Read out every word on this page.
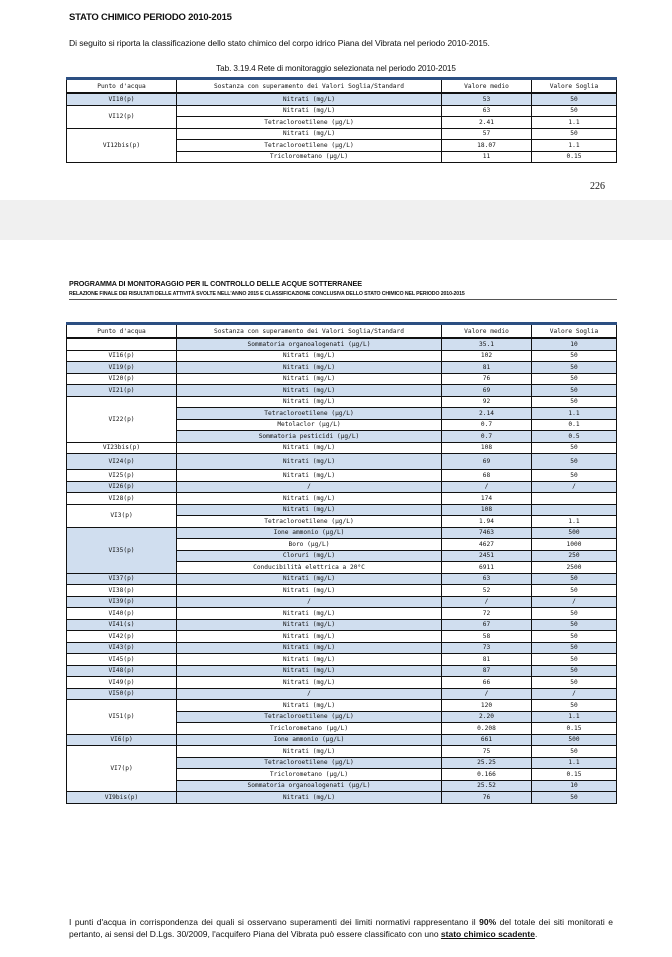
STATO CHIMICO PERIODO 2010-2015
Di seguito si riporta la classificazione dello stato chimico del corpo idrico Piana del Vibrata nel periodo 2010-2015.
Tab. 3.19.4 Rete di monitoraggio selezionata nel periodo 2010-2015
Punto d'acqua	Sostanza con superamento dei Valori Soglia/Standard	Valore medio	Valore Soglia
VI10(p)	Nitrati (mg/L)	53	50
VI12(p)	Nitrati (mg/L)	63	50
	Tetracloroetilene (µg/L)	2.41	1.1
VI12bis(p)	Nitrati (mg/L)	57	50
	Tetracloroetilene (µg/L)	18.07	1.1
	Triclorometano (µg/L)	11	0.15
226
PROGRAMMA DI MONITORAGGIO PER IL CONTROLLO DELLE ACQUE SOTTERRANEE
RELAZIONE FINALE DEI RISULTATI DELLE ATTIVITÀ SVOLTE NELL'ANNO 2015 E CLASSIFICAZIONE CONCLUSIVA DELLO STATO CHIMICO NEL PERIODO 2010-2015
Punto d'acqua	Sostanza con superamento dei Valori Soglia/Standard	Valore medio	Valore Soglia
	Sommatoria organoalogenati (µg/L)	35.1	10
VI16(p)	Nitrati (mg/L)	102	50
VI19(p)	Nitrati (mg/L)	81	50
VI20(p)	Nitrati (mg/L)	76	50
VI21(p)	Nitrati (mg/L)	69	50
VI22(p)	Nitrati (mg/L)	92	50
	Tetracloroetilene (µg/L)	2.14	1.1
	Metolaclor (µg/L)	0.7	0.1
	Sommatoria pesticidi (µg/L)	0.7	0.5
VI23bis(p)	Nitrati (mg/L)	108	50
VI24(p)	Nitrati (mg/L)	69	50
VI25(p)	Nitrati (mg/L)	68	50
VI26(p)	/	/	/
VI28(p)	Nitrati (mg/L)	174	
VI3(p)	Nitrati (mg/L)	108	
	Tetracloroetilene (µg/L)	1.94	1.1
VI35(p)	Ione ammonio (µg/L)	7463	500
	Boro (µg/L)	4627	1000
	Cloruri (mg/L)	2451	250
	Conducibilità elettrica a 20°C	6911	2500
VI37(p)	Nitrati (mg/L)	63	50
VI38(p)	Nitrati (mg/L)	52	50
VI39(p)	/	/	/
VI40(p)	Nitrati (mg/L)	72	50
VI41(s)	Nitrati (mg/L)	67	50
VI42(p)	Nitrati (mg/L)	58	50
VI43(p)	Nitrati (mg/L)	73	50
VI45(p)	Nitrati (mg/L)	81	50
VI48(p)	Nitrati (mg/L)	87	50
VI49(p)	Nitrati (mg/L)	66	50
VI50(p)	/	/	/
VI51(p)	Nitrati (mg/L)	120	50
	Tetracloroetilene (µg/L)	2.20	1.1
	Triclorometano (µg/L)	0.208	0.15
VI6(p)	Ione ammonio (µg/L)	661	500
VI7(p)	Nitrati (mg/L)	75	50
	Tetracloroetilene (µg/L)	25.25	1.1
	Triclorometano (µg/L)	0.166	0.15
	Sommatoria organoalogenati (µg/L)	25.52	10
VI9bis(p)	Nitrati (mg/L)	76	50
I punti d'acqua in corrispondenza dei quali si osservano superamenti dei limiti normativi rappresentano il 90% del totale dei siti monitorati e pertanto, ai sensi del D.Lgs. 30/2009, l'acquifero Piana del Vibrata può essere classificato con uno stato chimico scadente.
